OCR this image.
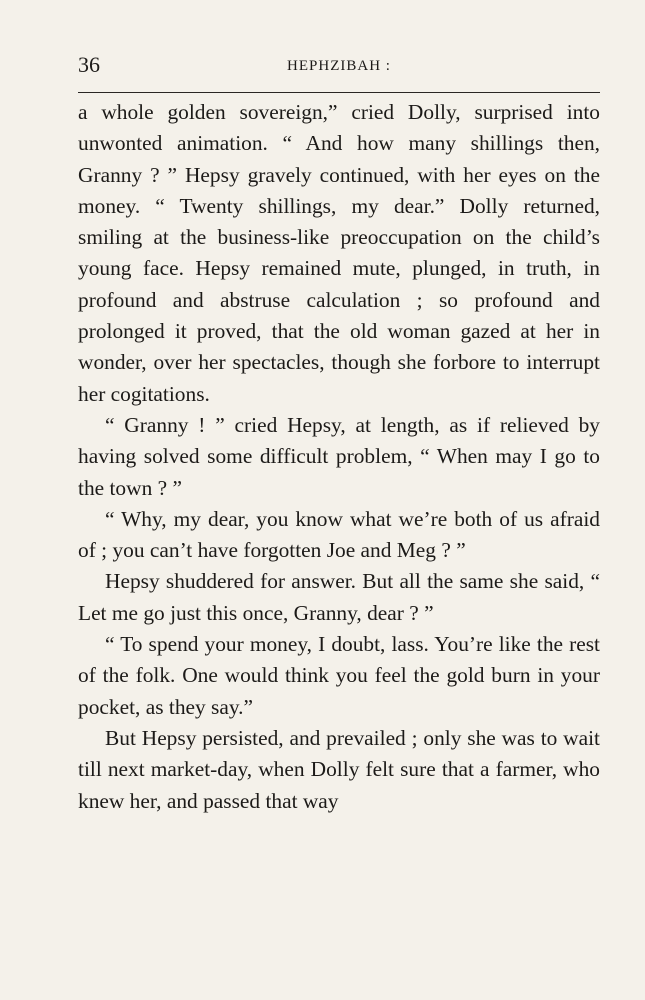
36	HEPHZIBAH :

a whole golden sovereign,” cried Dolly, surprised into unwonted animation. “ And how many shillings then, Granny ? ” Hepsy gravely continued, with her eyes on the money. “ Twenty shillings, my dear.” Dolly returned, smiling at the business-like preoccupation on the child’s young face. Hepsy remained mute, plunged, in truth, in profound and abstruse calculation ; so profound and prolonged it proved, that the old woman gazed at her in wonder, over her spectacles, though she forbore to interrupt her cogitations.

“ Granny ! ” cried Hepsy, at length, as if relieved by having solved some difficult problem, “ When may I go to the town ? ”

“ Why, my dear, you know what we’re both of us afraid of ; you can’t have forgotten Joe and Meg ? ”

Hepsy shuddered for answer. But all the same she said, “ Let me go just this once, Granny, dear ? ”

“ To spend your money, I doubt, lass. You’re like the rest of the folk. One would think you feel the gold burn in your pocket, as they say.”

But Hepsy persisted, and prevailed ; only she was to wait till next market-day, when Dolly felt sure that a farmer, who knew her, and passed that way
